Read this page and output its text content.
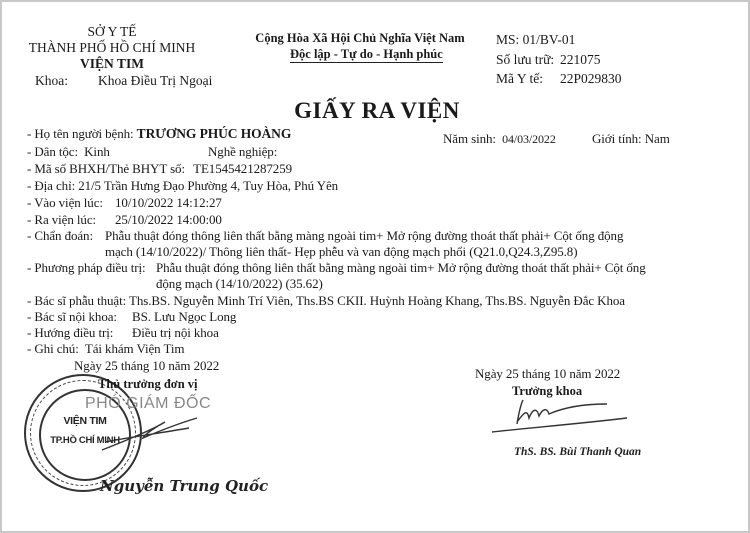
SỞ Y TẾ
THÀNH PHỐ HỒ CHÍ MINH
VIỆN TIM
Khoa: Khoa Điều Trị Ngoại
Cộng Hòa Xã Hội Chủ Nghĩa Việt Nam
Độc lập - Tự do - Hạnh phúc
MS: 01/BV-01
Số lưu trữ: 221075
Mã Y tế: 22P029830
GIẤY RA VIỆN
- Họ tên người bệnh: TRƯƠNG PHÚC HOÀNG	Năm sinh: 04/03/2022	Giới tính: Nam
- Dân tộc: Kinh	Nghề nghiệp:
- Mã số BHXH/Thẻ BHYT số: TE1545421287259
- Địa chỉ: 21/5 Trần Hưng Đạo Phường 4, Tuy Hòa, Phú Yên
- Vào viện lúc: 10/10/2022 14:12:27
- Ra viện lúc: 25/10/2022 14:00:00
- Chẩn đoán: Phẫu thuật đóng thông liên thất bằng màng ngoài tim+ Mở rộng đường thoát thất phải+ Cột ống động
mạch (14/10/2022)/ Thông liên thất- Hẹp phễu và van động mạch phổi (Q21.0,Q24.3,Z95.8)
- Phương pháp điều trị: Phẫu thuật đóng thông liên thất bằng màng ngoài tim+ Mở rộng đường thoát thất phải+ Cột ống
động mạch (14/10/2022) (35.62)
- Bác sĩ phẫu thuật: Ths.BS. Nguyễn Minh Trí Viên, Ths.BS CKII. Huỳnh Hoàng Khang, Ths.BS. Nguyễn Đắc Khoa
- Bác sĩ nội khoa: BS. Lưu Ngọc Long
- Hướng điều trị: Điều trị nội khoa
- Ghi chú: Tái khám Viện Tim
Ngày 25 tháng 10 năm 2022
VIỆN TIM
TP.HỒ CHÍ MINH
Thủ trưởng đơn vị
PHÓ GIÁM ĐỐC
Nguyễn Trung Quốc
Ngày 25 tháng 10 năm 2022
Trưởng khoa
ThS. BS. Bùi Thanh Quan
